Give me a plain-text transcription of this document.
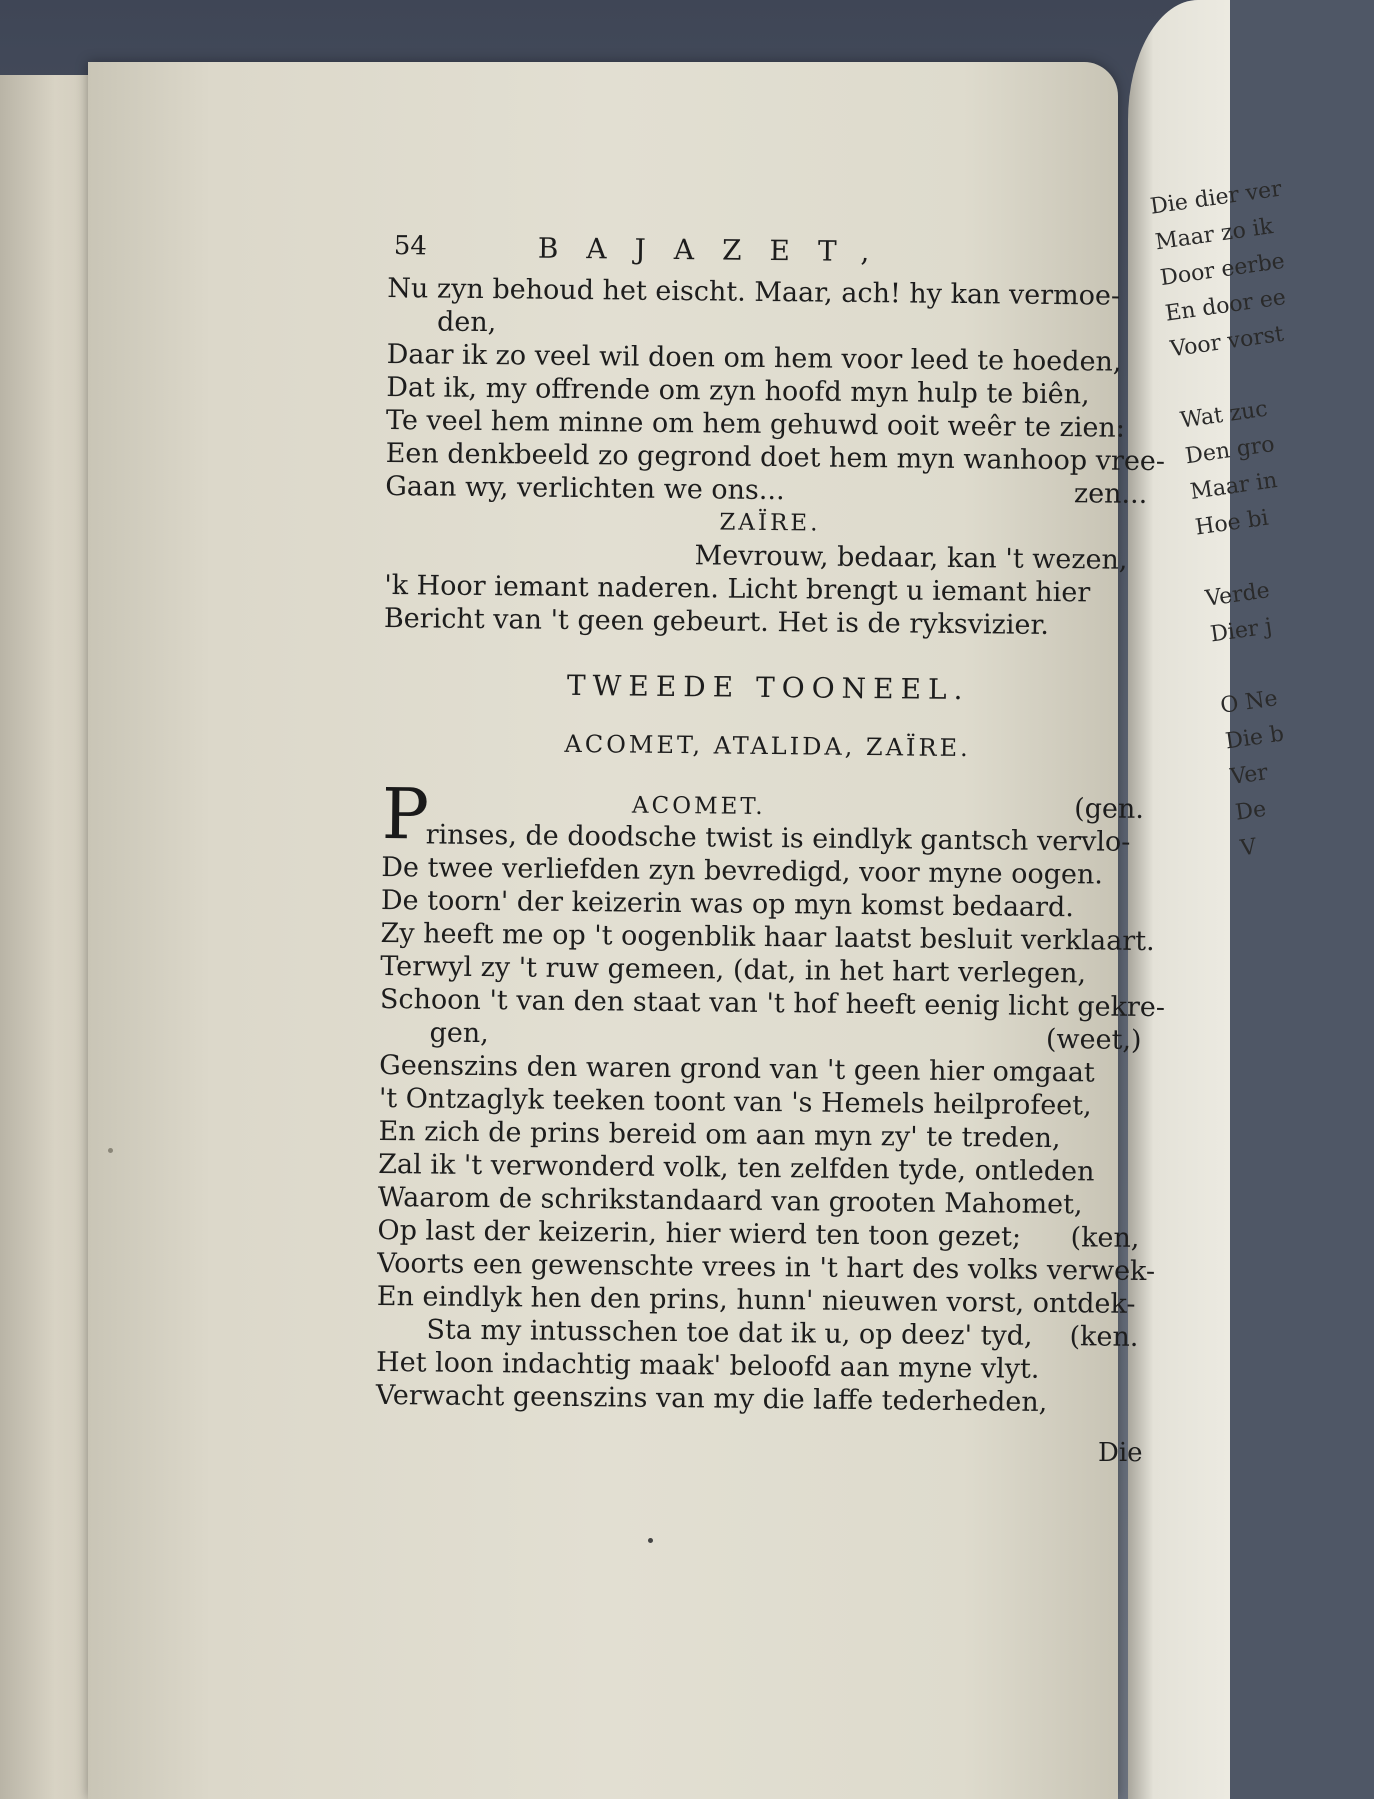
Die dier ver
Maar zo ik
Door eerbe
En door ee
Voor vorst
Wat zuc
Den gro
Maar in
Hoe bi
Verde
Dier j
O Ne
Die b
Ver
De
V
54	BAJAZET,
Nu zyn behoud het eischt. Maar, ach! hy kan vermoe-
den,
Daar ik zo veel wil doen om hem voor leed te hoeden,
Dat ik, my offrende om zyn hoofd myn hulp te biên,
Te veel hem minne om hem gehuwd ooit weêr te zien:
Een denkbeeld zo gegrond doet hem myn wanhoop vree-
Gaan wy, verlichten we ons...	zen...
ZAÏRE.
Mevrouw, bedaar, kan 't wezen,
'k Hoor iemant naderen. Licht brengt u iemant hier
Bericht van 't geen gebeurt. Het is de ryksvizier.
TWEEDE TOONEEL.
ACOMET, ATALIDA, ZAÏRE.
P	ACOMET.	(gen.
rinses, de doodsche twist is eindlyk gantsch vervlo-
De twee verliefden zyn bevredigd, voor myne oogen.
De toorn' der keizerin was op myn komst bedaard.
Zy heeft me op 't oogenblik haar laatst besluit verklaart.
Terwyl zy 't ruw gemeen, (dat, in het hart verlegen,
Schoon 't van den staat van 't hof heeft eenig licht gekre-
gen,	(weet,)
Geenszins den waren grond van 't geen hier omgaat
't Ontzaglyk teeken toont van 's Hemels heilprofeet,
En zich de prins bereid om aan myn zy' te treden,
Zal ik 't verwonderd volk, ten zelfden tyde, ontleden
Waarom de schrikstandaard van grooten Mahomet,
Op last der keizerin, hier wierd ten toon gezet; (ken,
Voorts een gewenschte vrees in 't hart des volks verwek-
En eindlyk hen den prins, hunn' nieuwen vorst, ontdek-
Sta my intusschen toe dat ik u, op deez' tyd, (ken.
Het loon indachtig maak' beloofd aan myne vlyt.
Verwacht geenszins van my die laffe tederheden,
Die
